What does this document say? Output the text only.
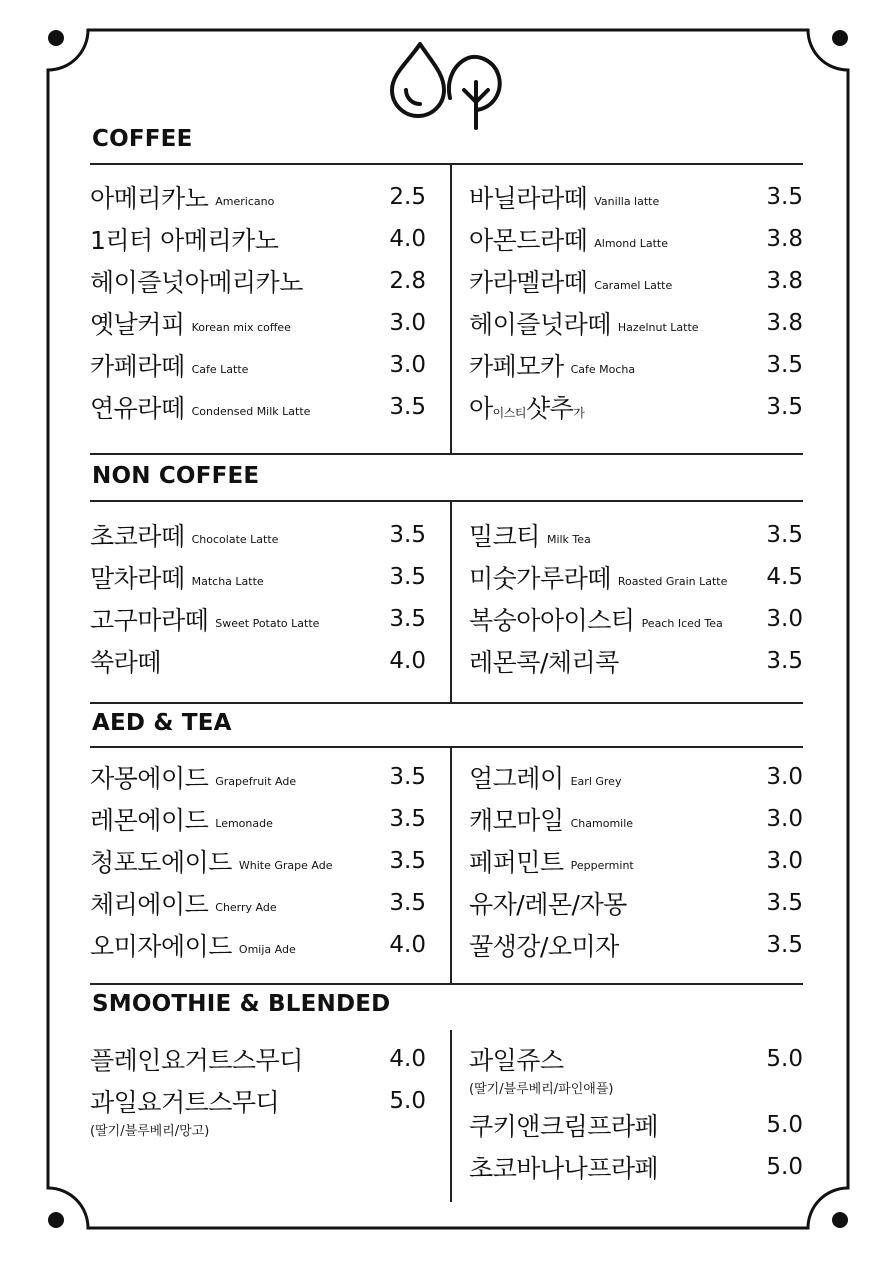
COFFEE
아메리카노 Americano	2.5
1리터 아메리카노	4.0
헤이즐넛아메리카노	2.8
옛날커피 Korean mix coffee	3.0
카페라떼 Cafe Latte	3.0
연유라떼 Condensed Milk Latte	3.5
바닐라라떼 Vanilla latte	3.5
아몬드라떼 Almond Latte	3.8
카라멜라떼 Caramel Latte	3.8
헤이즐넛라떼 Hazelnut Latte	3.8
카페모카 Cafe Mocha	3.5
아이스티샷추가	3.5
NON COFFEE
초코라떼 Chocolate Latte	3.5
말차라떼 Matcha Latte	3.5
고구마라떼 Sweet Potato Latte	3.5
쑥라떼	4.0
밀크티 Milk Tea	3.5
미숫가루라떼 Roasted Grain Latte 4.5
복숭아아이스티 Peach Iced Tea 3.0
레몬콕/체리콕	3.5
AED & TEA
자몽에이드 Grapefruit Ade	3.5
레몬에이드 Lemonade	3.5
청포도에이드 White Grape Ade 3.5
체리에이드 Cherry Ade	3.5
오미자에이드 Omija Ade	4.0
얼그레이 Earl Grey	3.0
캐모마일 Chamomile	3.0
페퍼민트 Peppermint	3.0
유자/레몬/자몽	3.5
꿀생강/오미자	3.5
SMOOTHIE & BLENDED
플레인요거트스무디	4.0
과일요거트스무디	5.0
(딸기/블루베리/망고)
과일쥬스	5.0
(딸기/블루베리/파인애플)
쿠키앤크림프라페	5.0
초코바나나프라페	5.0
